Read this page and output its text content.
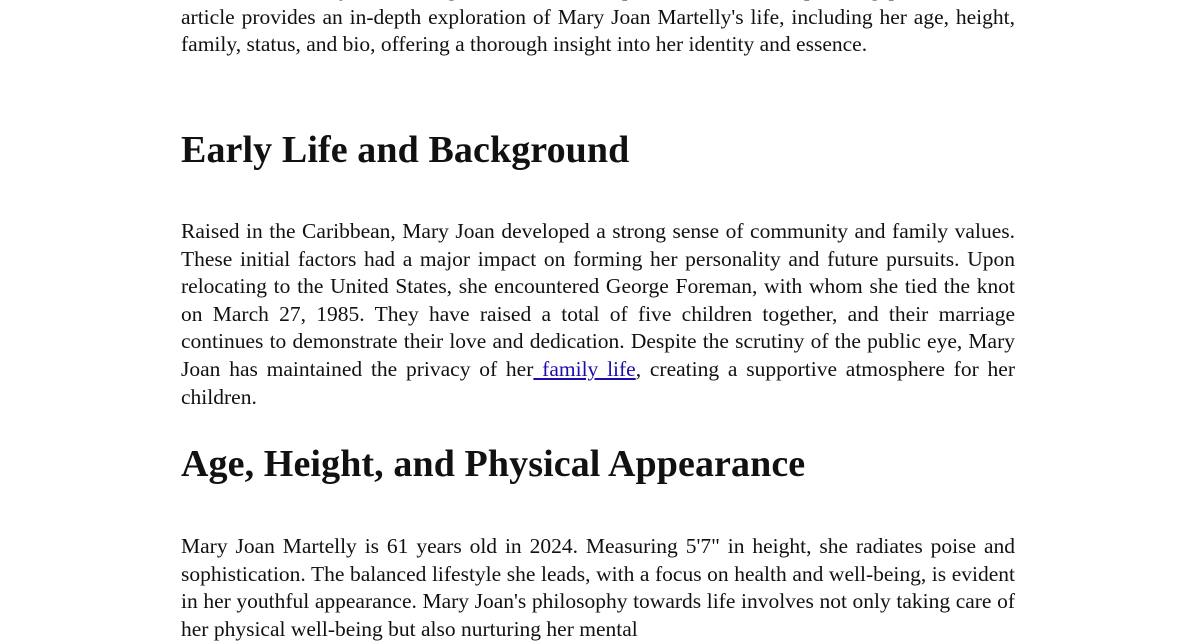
article provides an in-depth exploration of Mary Joan Martelly's life, including her age, height, family, status, and bio, offering a thorough insight into her identity and essence.

Early Life and Background

Raised in the Caribbean, Mary Joan developed a strong sense of community and family values. These initial factors had a major impact on forming her personality and future pursuits. Upon relocating to the United States, she encountered George Foreman, with whom she tied the knot on March 27, 1985. They have raised a total of five children together, and their marriage continues to demonstrate their love and dedication. Despite the scrutiny of the public eye, Mary Joan has maintained the privacy of her family life, creating a supportive atmosphere for her children.

Age, Height, and Physical Appearance

Mary Joan Martelly is 61 years old in 2024. Measuring 5'7" in height, she radiates poise and sophistication. The balanced lifestyle she leads, with a focus on health and well-being, is evident in her youthful appearance. Mary Joan's philosophy towards life involves not only taking care of her physical well-being but also nurturing her mental
